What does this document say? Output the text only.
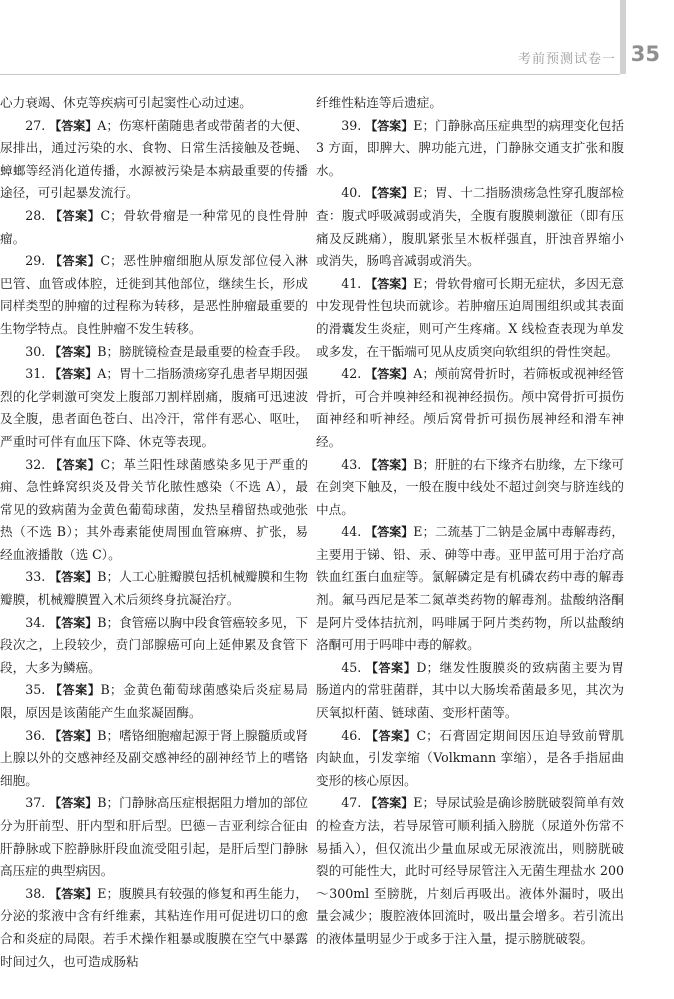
考前预测试卷一 35

心力衰竭、休克等疾病可引起窦性心动过速。

27. 【答案】A；伤寒杆菌随患者或带菌者的大便、尿排出，通过污染的水、食物、日常生活接触及苍蝇、蟑螂等经消化道传播，水源被污染是本病最重要的传播途径，可引起暴发流行。

28. 【答案】C；骨软骨瘤是一种常见的良性骨肿瘤。

29. 【答案】C；恶性肿瘤细胞从原发部位侵入淋巴管、血管或体腔，迁徙到其他部位，继续生长，形成同样类型的肿瘤的过程称为转移，是恶性肿瘤最重要的生物学特点。良性肿瘤不发生转移。

30. 【答案】B；膀胱镜检查是最重要的检查手段。

31. 【答案】A；胃十二指肠溃疡穿孔患者早期因强烈的化学刺激可突发上腹部刀割样剧痛，腹痛可迅速波及全腹，患者面色苍白、出冷汗，常伴有恶心、呕吐，严重时可伴有血压下降、休克等表现。

32. 【答案】C；革兰阳性球菌感染多见于严重的痈、急性蜂窝织炎及骨关节化脓性感染（不选 A），最常见的致病菌为金黄色葡萄球菌，发热呈稽留热或弛张热（不选 B）；其外毒素能使周围血管麻痹、扩张，易经血液播散（选 C）。

33. 【答案】B；人工心脏瓣膜包括机械瓣膜和生物瓣膜，机械瓣膜置入术后须终身抗凝治疗。

34. 【答案】B；食管癌以胸中段食管癌较多见，下段次之，上段较少，贲门部腺癌可向上延伸累及食管下段，大多为鳞癌。

35. 【答案】B；金黄色葡萄球菌感染后炎症易局限，原因是该菌能产生血浆凝固酶。

36. 【答案】B；嗜铬细胞瘤起源于肾上腺髓质或肾上腺以外的交感神经及副交感神经的副神经节上的嗜铬细胞。

37. 【答案】B；门静脉高压症根据阻力增加的部位分为肝前型、肝内型和肝后型。巴德－吉亚利综合征由肝静脉或下腔静脉肝段血流受阻引起，是肝后型门静脉高压症的典型病因。

38. 【答案】E；腹膜具有较强的修复和再生能力，分泌的浆液中含有纤维素，其粘连作用可促进切口的愈合和炎症的局限。若手术操作粗暴或腹膜在空气中暴露时间过久，也可造成肠粘

纤维性粘连等后遗症。

39. 【答案】E；门静脉高压症典型的病理变化包括 3 方面，即脾大、脾功能亢进，门静脉交通支扩张和腹水。

40. 【答案】E；胃、十二指肠溃疡急性穿孔腹部检查：腹式呼吸减弱或消失，全腹有腹膜刺激征（即有压痛及反跳痛），腹肌紧张呈木板样强直，肝浊音界缩小或消失，肠鸣音减弱或消失。

41. 【答案】E；骨软骨瘤可长期无症状，多因无意中发现骨性包块而就诊。若肿瘤压迫周围组织或其表面的滑囊发生炎症，则可产生疼痛。X 线检查表现为单发或多发，在干骺端可见从皮质突向软组织的骨性突起。

42. 【答案】A；颅前窝骨折时，若筛板或视神经管骨折，可合并嗅神经和视神经损伤。颅中窝骨折可损伤面神经和听神经。颅后窝骨折可损伤展神经和滑车神经。

43. 【答案】B；肝脏的右下缘齐右肋缘，左下缘可在剑突下触及，一般在腹中线处不超过剑突与脐连线的中点。

44. 【答案】E；二巯基丁二钠是金属中毒解毒药，主要用于锑、铅、汞、砷等中毒。亚甲蓝可用于治疗高铁血红蛋白血症等。氯解磷定是有机磷农药中毒的解毒剂。氟马西尼是苯二氮䓬类药物的解毒剂。盐酸纳洛酮是阿片受体拮抗剂，吗啡属于阿片类药物，所以盐酸纳洛酮可用于吗啡中毒的解救。

45. 【答案】D；继发性腹膜炎的致病菌主要为胃肠道内的常驻菌群，其中以大肠埃希菌最多见，其次为厌氧拟杆菌、链球菌、变形杆菌等。

46. 【答案】C；石膏固定期间因压迫导致前臂肌肉缺血，引发挛缩（Volkmann 挛缩），是各手指屈曲变形的核心原因。

47. 【答案】E；导尿试验是确诊膀胱破裂简单有效的检查方法，若导尿管可顺利插入膀胱（尿道外伤常不易插入），但仅流出少量血尿或无尿液流出，则膀胱破裂的可能性大，此时可经导尿管注入无菌生理盐水 200～300ml 至膀胱，片刻后再吸出。液体外漏时，吸出量会减少；腹腔液体回流时，吸出量会增多。若引流出的液体量明显少于或多于注入量，提示膀胱破裂。
